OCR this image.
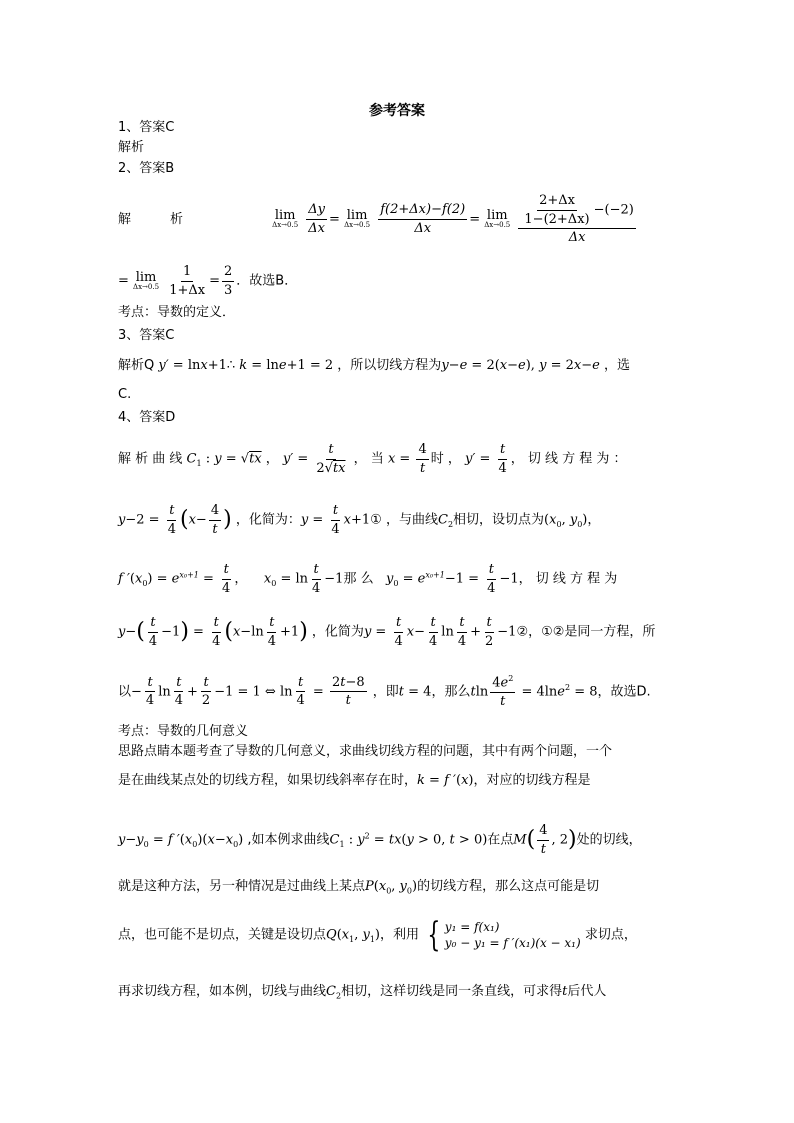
参考答案
1、答案C
解析
2、答案B
解　　　析	lim
Δx→0.5
$\frac{\Delta y}{\Delta x} = \lim$
Δx→0.5
$\frac{f(2+\Delta x)-f(2)}{\Delta x} = \lim$
Δx→0.5
$\frac{\frac{2+\Delta x}{1-(2+\Delta x)} -(-2)}{\Delta x}$
= lim
Δx→0.5
$\frac{1}{1+\Delta x} = \frac{2}{3}$ ．故选B．
考点：导数的定义．
3、答案C
解析Q y′ = lnx+1∴ k = lne+1 = 2 ，所以切线方程为y−e = 2(x−e), y = 2x−e ，选
C.
4、答案D
解 析 曲 线 $C_1$ : y = √tx ， $y' = \frac{t}{2√tx}$ ， 当 $x = \frac{4}{t}$ 时 ， $y' = \frac{t}{4}$ ， 切 线 方 程 为 ：
$y-2 = \frac{t}{4} (x- \frac{4}{t}$ ) ，化简为：$y = \frac{t}{4}$ x+1① ，与曲线$C_2$相切，设切点为($x_0$, $y_0$)，
f $'(x_0) = e^{x_0+1} = \frac{t}{4}$ ， $x_0 = \ln \frac{t}{4} -1$那 么 $y_0 = e^{x_0+1}-1 = \frac{t}{4} -1$， 切 线 方 程 为
$y-( \frac{t}{4} -1) = \frac{t}{4} (x-\ln \frac{t}{4} +1)$ ，化简为$y = \frac{t}{4} x- \frac{t}{4}$ $\ln \frac{t}{4} + \frac{t}{2}$ −1②，①②是同一方程，所
以− $\frac{t}{4}$ $\ln \frac{t}{4} + \frac{t}{2} -1 = 1$ ⇔ $\ln \frac{t}{4} = \frac{2t-8}{t}$ ，即t = 4，那么tln $\frac{4e^2}{t} = 4\ln e^2 = 8$，故选D.
考点：导数的几何意义
思路点睛本题考查了导数的几何意义，求曲线切线方程的问题，其中有两个问题，一个
是在曲线某点处的切线方程，如果切线斜率存在时，k = f ′(x)，对应的切线方程是
$y-y_0 = f$ $'(x_0)(x-x_0)$ ,如本例求曲线$C_1$ : $y^2 = tx(y > 0$, t > 0)在点$M( \frac{4}{t}$ , 2)处的切线，
就是这种方法，另一种情况是过曲线上某点$P(x_0$, $y_0$)的切线方程，那么这点可能是切
点，也可能不是切点，关键是设切点$Q(x_1$, $y_1$)，利用 { y₁ = f(x₁)
y₀ − y₁ = f ′(x₁)(x − x₁)
求切点，
再求切线方程，如本例，切线与曲线$C_2$相切，这样切线是同一条直线，可求得t后代人
